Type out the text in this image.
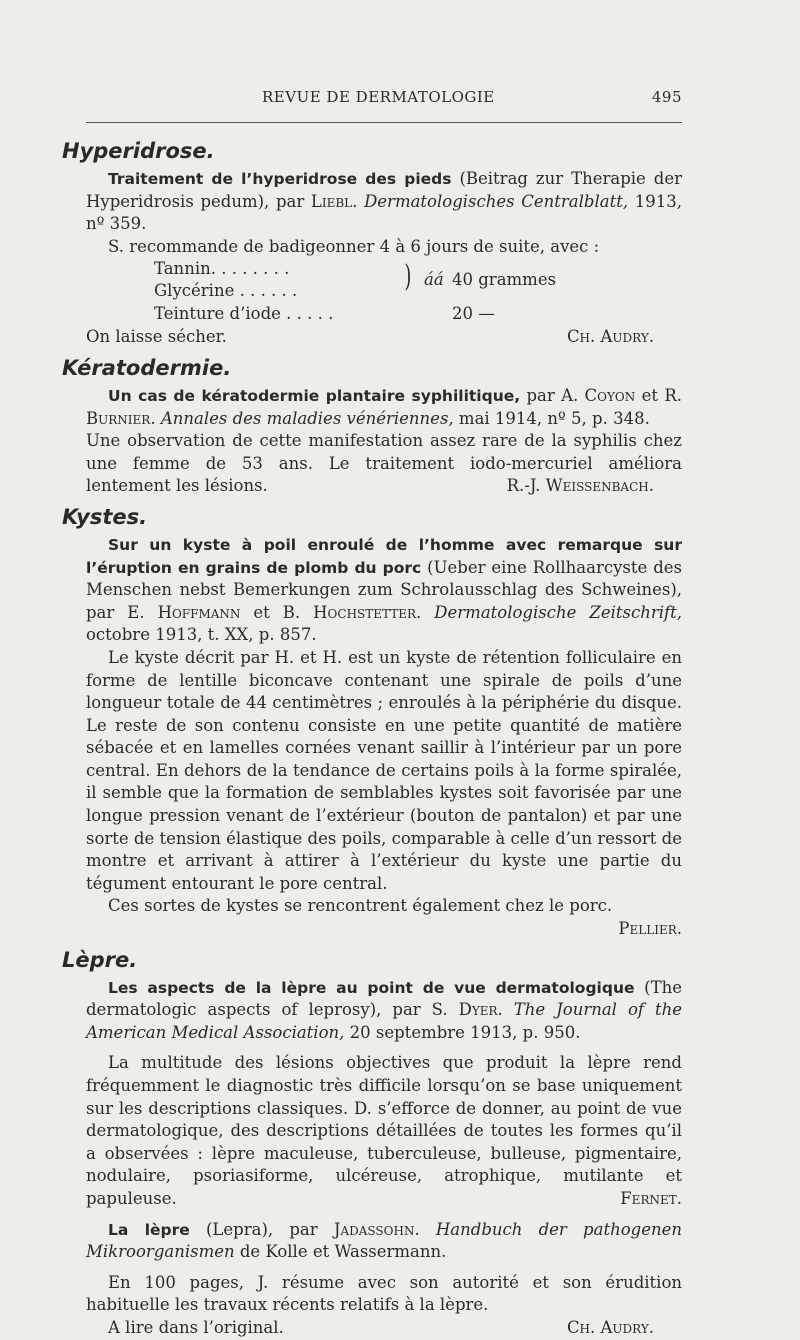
REVUE DE DERMATOLOGIE	495
Hyperidrose.

Traitement de l’hyperidrose des pieds (Beitrag zur Therapie der Hyperidrosis pedum), par Liebl. Dermatologisches Centralblatt, 1913, nº 359.

S. recommande de badigeonner 4 à 6 jours de suite, avec :

Tannin. . . . . . . .
Glycérine . . . . . .	) áá 40 grammes
Teinture d’iode . . . . .	20 —

On laisse sécher.	Ch. Audry.

Kératodermie.

Un cas de kératodermie plantaire syphilitique, par A. Coyon et R. Burnier. Annales des maladies vénériennes, mai 1914, nº 5, p. 348.

Une observation de cette manifestation assez rare de la syphilis chez une femme de 53 ans. Le traitement iodo-mercuriel améliora lentement les lésions.	R.-J. Weissenbach.

Kystes.

Sur un kyste à poil enroulé de l’homme avec remarque sur l’éruption en grains de plomb du porc (Ueber eine Rollhaarcyste des Menschen nebst Bemerkungen zum Schrolausschlag des Schweines), par E. Hoffmann et B. Hochstetter. Dermatologische Zeitschrift, octobre 1913, t. XX, p. 857.

Le kyste décrit par H. et H. est un kyste de rétention folliculaire en forme de lentille biconcave contenant une spirale de poils d’une longueur totale de 44 centimètres ; enroulés à la périphérie du disque. Le reste de son contenu consiste en une petite quantité de matière sébacée et en lamelles cornées venant saillir à l’intérieur par un pore central. En dehors de la tendance de certains poils à la forme spiralée, il semble que la formation de semblables kystes soit favorisée par une longue pression venant de l’extérieur (bouton de pantalon) et par une sorte de tension élastique des poils, comparable à celle d’un ressort de montre et arrivant à attirer à l’extérieur du kyste une partie du tégument entourant le pore central.

Ces sortes de kystes se rencontrent également chez le porc.
Pellier.

Lèpre.

Les aspects de la lèpre au point de vue dermatologique (The dermatologic aspects of leprosy), par S. Dyer. The Journal of the American Medical Association, 20 septembre 1913, p. 950.

La multitude des lésions objectives que produit la lèpre rend fréquemment le diagnostic très difficile lorsqu’on se base uniquement sur les descriptions classiques. D. s’efforce de donner, au point de vue dermatologique, des descriptions détaillées de toutes les formes qu’il a observées : lèpre maculeuse, tuberculeuse, bulleuse, pigmentaire, nodulaire, psoriasiforme, ulcéreuse, atrophique, mutilante et papuleuse.	Fernet.

La lèpre (Lepra), par Jadassohn. Handbuch der pathogenen Mikroorganismen de Kolle et Wassermann.

En 100 pages, J. résume avec son autorité et son érudition habituelle les travaux récents relatifs à la lèpre.

A lire dans l’original.	Ch. Audry.
